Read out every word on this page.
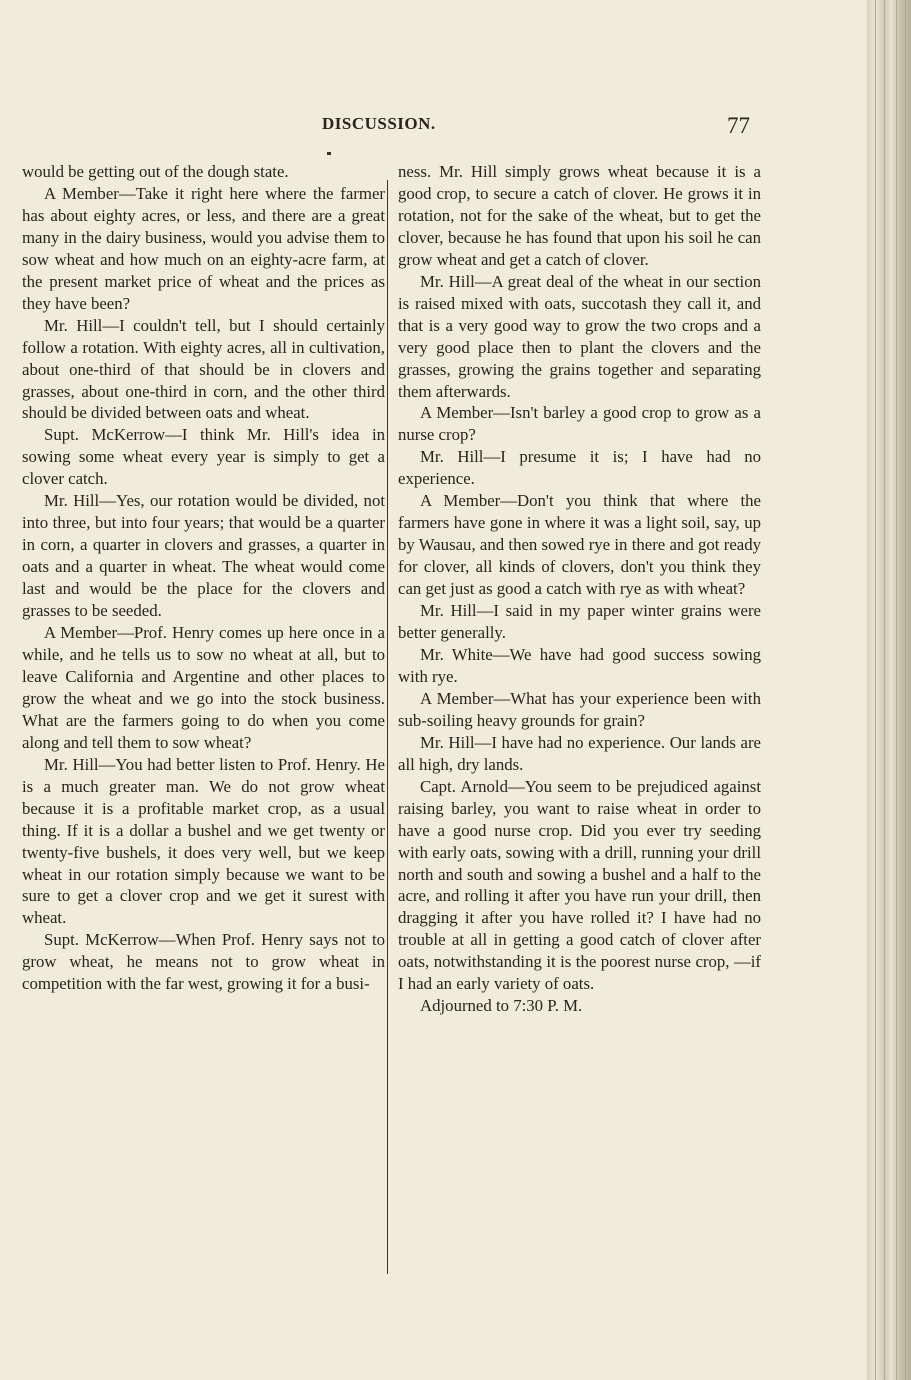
DISCUSSION.	77

would be getting out of the dough state.

A Member—Take it right here where the farmer has about eighty acres, or less, and there are a great many in the dairy business, would you advise them to sow wheat and how much on an eighty-acre farm, at the present market price of wheat and the prices as they have been?

Mr. Hill—I couldn't tell, but I should certainly follow a rotation. With eighty acres, all in cultivation, about one-third of that should be in clovers and grasses, about one-third in corn, and the other third should be divided between oats and wheat.

Supt. McKerrow—I think Mr. Hill's idea in sowing some wheat every year is simply to get a clover catch.

Mr. Hill—Yes, our rotation would be divided, not into three, but into four years; that would be a quarter in corn, a quarter in clovers and grasses, a quarter in oats and a quarter in wheat. The wheat would come last and would be the place for the clovers and grasses to be seeded.

A Member—Prof. Henry comes up here once in a while, and he tells us to sow no wheat at all, but to leave California and Argentine and other places to grow the wheat and we go into the stock business. What are the farmers going to do when you come along and tell them to sow wheat?

Mr. Hill—You had better listen to Prof. Henry. He is a much greater man. We do not grow wheat because it is a profitable market crop, as a usual thing. If it is a dollar a bushel and we get twenty or twenty-five bushels, it does very well, but we keep wheat in our rotation simply because we want to be sure to get a clover crop and we get it surest with wheat.

Supt. McKerrow—When Prof. Henry says not to grow wheat, he means not to grow wheat in competition with the far west, growing it for a busi-

ness. Mr. Hill simply grows wheat because it is a good crop, to secure a catch of clover. He grows it in rotation, not for the sake of the wheat, but to get the clover, because he has found that upon his soil he can grow wheat and get a catch of clover.

Mr. Hill—A great deal of the wheat in our section is raised mixed with oats, succotash they call it, and that is a very good way to grow the two crops and a very good place then to plant the clovers and the grasses, growing the grains together and separating them afterwards.

A Member—Isn't barley a good crop to grow as a nurse crop?

Mr. Hill—I presume it is; I have had no experience.

A Member—Don't you think that where the farmers have gone in where it was a light soil, say, up by Wausau, and then sowed rye in there and got ready for clover, all kinds of clovers, don't you think they can get just as good a catch with rye as with wheat?

Mr. Hill—I said in my paper winter grains were better generally.

Mr. White—We have had good success sowing with rye.

A Member—What has your experience been with sub-soiling heavy grounds for grain?

Mr. Hill—I have had no experience. Our lands are all high, dry lands.

Capt. Arnold—You seem to be prejudiced against raising barley, you want to raise wheat in order to have a good nurse crop. Did you ever try seeding with early oats, sowing with a drill, running your drill north and south and sowing a bushel and a half to the acre, and rolling it after you have run your drill, then dragging it after you have rolled it? I have had no trouble at all in getting a good catch of clover after oats, notwithstanding it is the poorest nurse crop, —if I had an early variety of oats.

Adjourned to 7:30 P. M.
